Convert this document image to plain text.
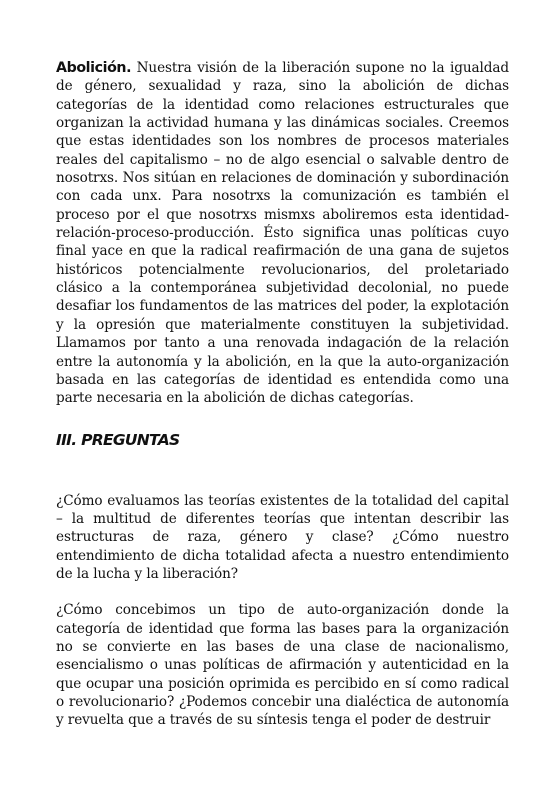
Abolición. Nuestra visión de la liberación supone no la igualdad de género, sexualidad y raza, sino la abolición de dichas categorías de la identidad como relaciones estructurales que organizan la actividad humana y las dinámicas sociales. Creemos que estas identidades son los nombres de procesos materiales reales del capitalismo – no de algo esencial o salvable dentro de nosotrxs. Nos sitúan en relaciones de dominación y subordinación con cada unx. Para nosotrxs la comunización es también el proceso por el que nosotrxs mismxs aboliremos esta identidad-relación-proceso-producción. Ésto significa unas políticas cuyo final yace en que la radical reafirmación de una gana de sujetos históricos potencialmente revolucionarios, del proletariado clásico a la contemporánea subjetividad decolonial, no puede desafiar los fundamentos de las matrices del poder, la explotación y la opresión que materialmente constituyen la subjetividad. Llamamos por tanto a una renovada indagación de la relación entre la autonomía y la abolición, en la que la auto-organización basada en las categorías de identidad es entendida como una parte necesaria en la abolición de dichas categorías.

III. PREGUNTAS

¿Cómo evaluamos las teorías existentes de la totalidad del capital – la multitud de diferentes teorías que intentan describir las estructuras de raza, género y clase? ¿Cómo nuestro entendimiento de dicha totalidad afecta a nuestro entendimiento de la lucha y la liberación?

¿Cómo concebimos un tipo de auto-organización donde la categoría de identidad que forma las bases para la organización no se convierte en las bases de una clase de nacionalismo, esencialismo o unas políticas de afirmación y autenticidad en la que ocupar una posición oprimida es percibido en sí como radical o revolucionario? ¿Podemos concebir una dialéctica de autonomía y revuelta que a través de su síntesis tenga el poder de destruir
